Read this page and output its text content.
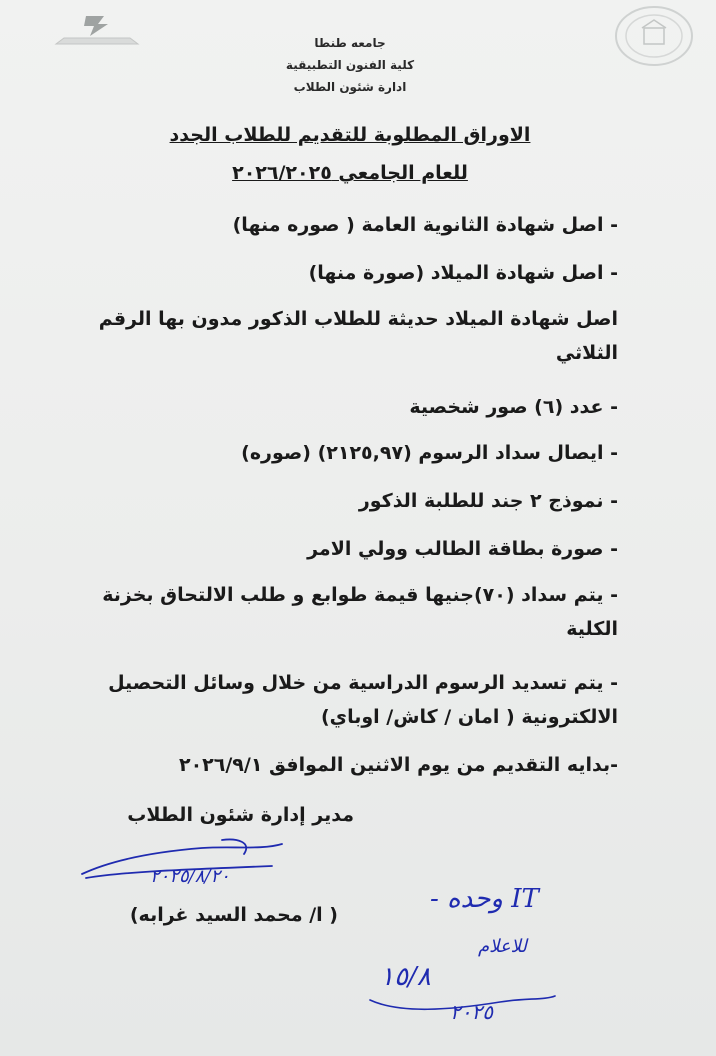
جامعه طنطا
كلية الفنون التطبيقية
ادارة شئون الطلاب
الاوراق المطلوبة للتقديم للطلاب الجدد
للعام الجامعي ٢٠٢٦/٢٠٢٥
- اصل شهادة الثانوية العامة ( صوره منها)
- اصل شهادة الميلاد (صورة منها)
اصل شهادة الميلاد حديثة للطلاب الذكور مدون بها الرقم الثلاثي
- عدد (٦) صور شخصية
- ايصال سداد الرسوم (٢١٢٥,٩٧) (صوره)
- نموذج ٢ جند للطلبة الذكور
- صورة بطاقة الطالب وولي الامر
- يتم سداد (٧٠)جنيها قيمة طوابع و طلب الالتحاق بخزنة الكلية
- يتم تسديد الرسوم الدراسية من خلال وسائل التحصيل الالكترونية ( امان / كاش/ اوباي)
-بدايه التقديم من يوم الاثنين الموافق ٢٠٢٦/٩/١
مدير إدارة شئون الطلاب
٢٠٢٥/٨/٢٠
( ا/ محمد السيد غرابه)
IT وحده -
للاعلام
١٥/٨
٢٠٢٥
